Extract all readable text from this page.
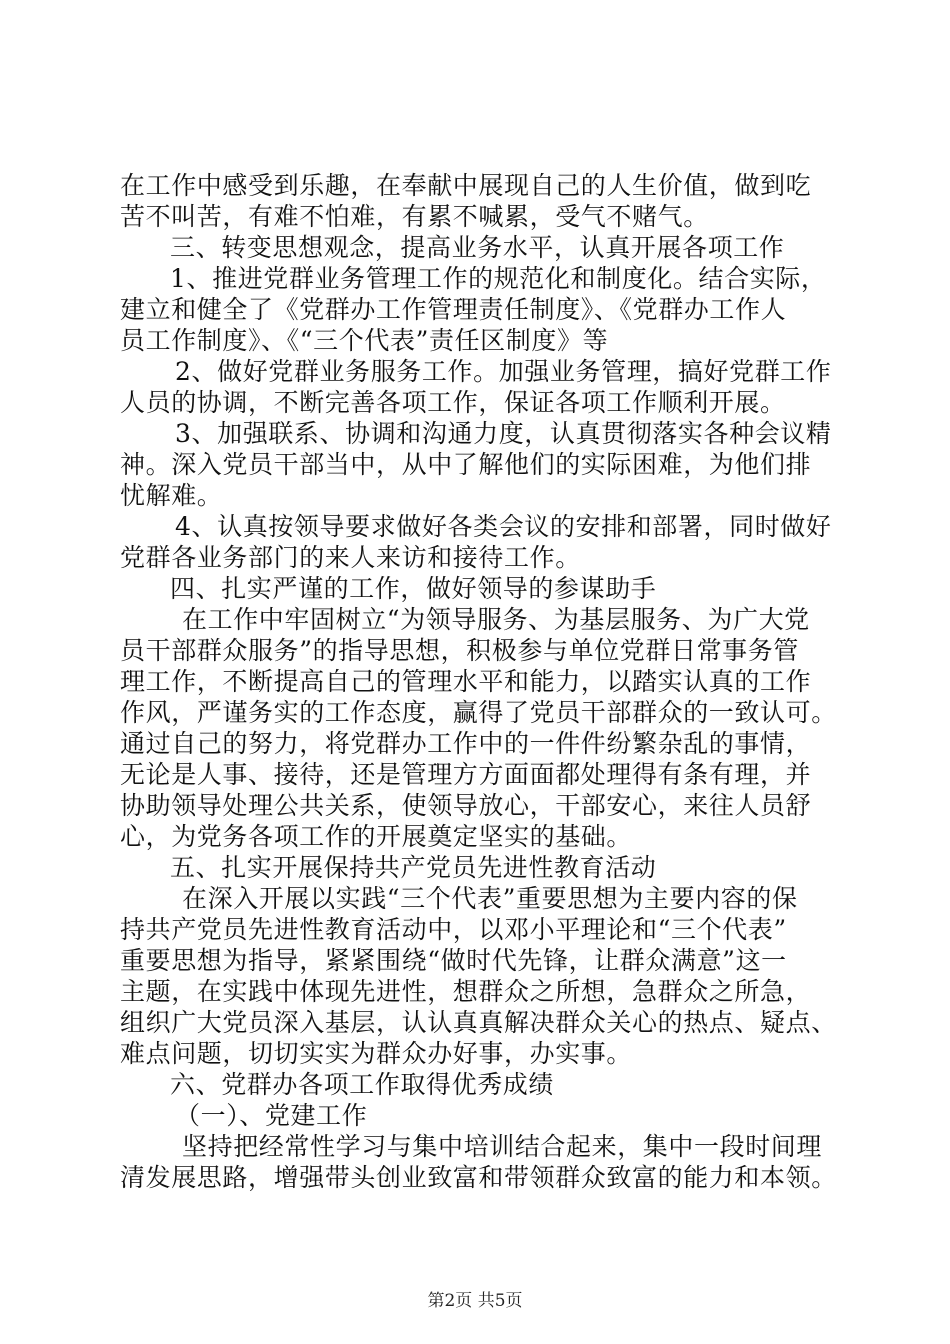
在工作中感受到乐趣，在奉献中展现自己的人生价值，做到吃
苦不叫苦，有难不怕难，有累不喊累，受气不赌气。
三、转变思想观念，提高业务水平，认真开展各项工作
1、推进党群业务管理工作的规范化和制度化。结合实际，
建立和健全了《党群办工作管理责任制度》、《党群办工作人
员工作制度》、《“三个代表”责任区制度》等
2、做好党群业务服务工作。加强业务管理，搞好党群工作
人员的协调，不断完善各项工作，保证各项工作顺利开展。
3、加强联系、协调和沟通力度，认真贯彻落实各种会议精
神。深入党员干部当中，从中了解他们的实际困难，为他们排
忧解难。
4、认真按领导要求做好各类会议的安排和部署，同时做好
党群各业务部门的来人来访和接待工作。
四、扎实严谨的工作，做好领导的参谋助手
在工作中牢固树立“为领导服务、为基层服务、为广大党
员干部群众服务”的指导思想，积极参与单位党群日常事务管
理工作，不断提高自己的管理水平和能力，以踏实认真的工作
作风，严谨务实的工作态度，赢得了党员干部群众的一致认可。
通过自己的努力，将党群办工作中的一件件纷繁杂乱的事情，
无论是人事、接待，还是管理方方面面都处理得有条有理，并
协助领导处理公共关系，使领导放心，干部安心，来往人员舒
心，为党务各项工作的开展奠定坚实的基础。
五、扎实开展保持共产党员先进性教育活动
在深入开展以实践“三个代表”重要思想为主要内容的保
持共产党员先进性教育活动中，以邓小平理论和“三个代表”
重要思想为指导，紧紧围绕“做时代先锋，让群众满意”这一
主题，在实践中体现先进性，想群众之所想，急群众之所急，
组织广大党员深入基层，认认真真解决群众关心的热点、疑点、
难点问题，切切实实为群众办好事，办实事。
六、党群办各项工作取得优秀成绩
（一）、党建工作
坚持把经常性学习与集中培训结合起来，集中一段时间理
清发展思路，增强带头创业致富和带领群众致富的能力和本领。
第2页 共5页
